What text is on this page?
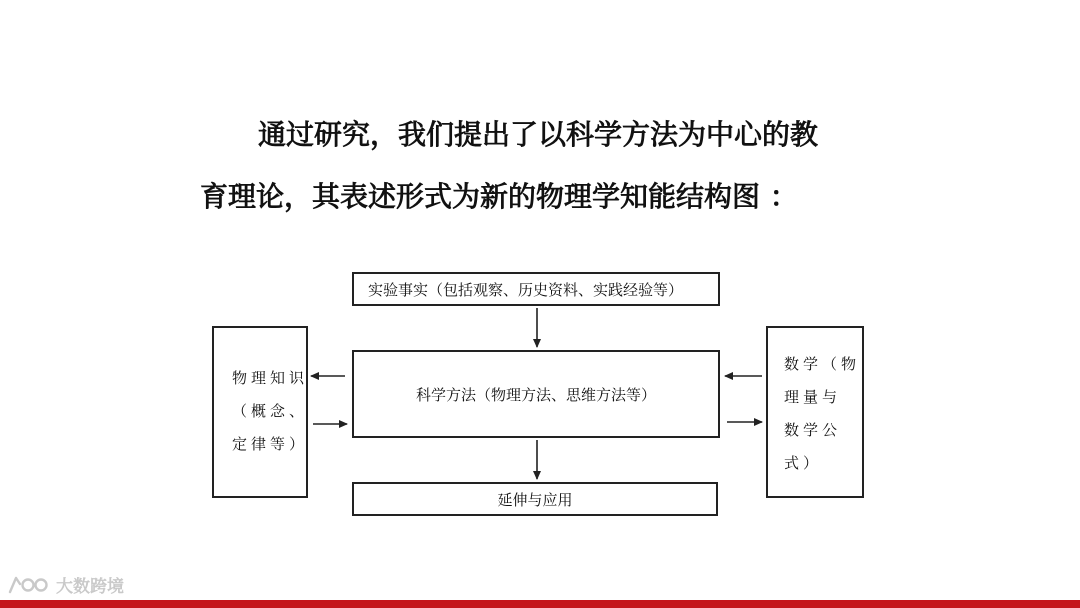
通过研究，我们提出了以科学方法为中心的教
育理论，其表述形式为新的物理学知能结构图 ：
实验事实（包括观察、历史资料、实践经验等）
科学方法（物理方法、思维方法等）
延伸与应用
物理知识
（概念、
定律等）
数学（物
理量与
数学公
式）
大数跨境
